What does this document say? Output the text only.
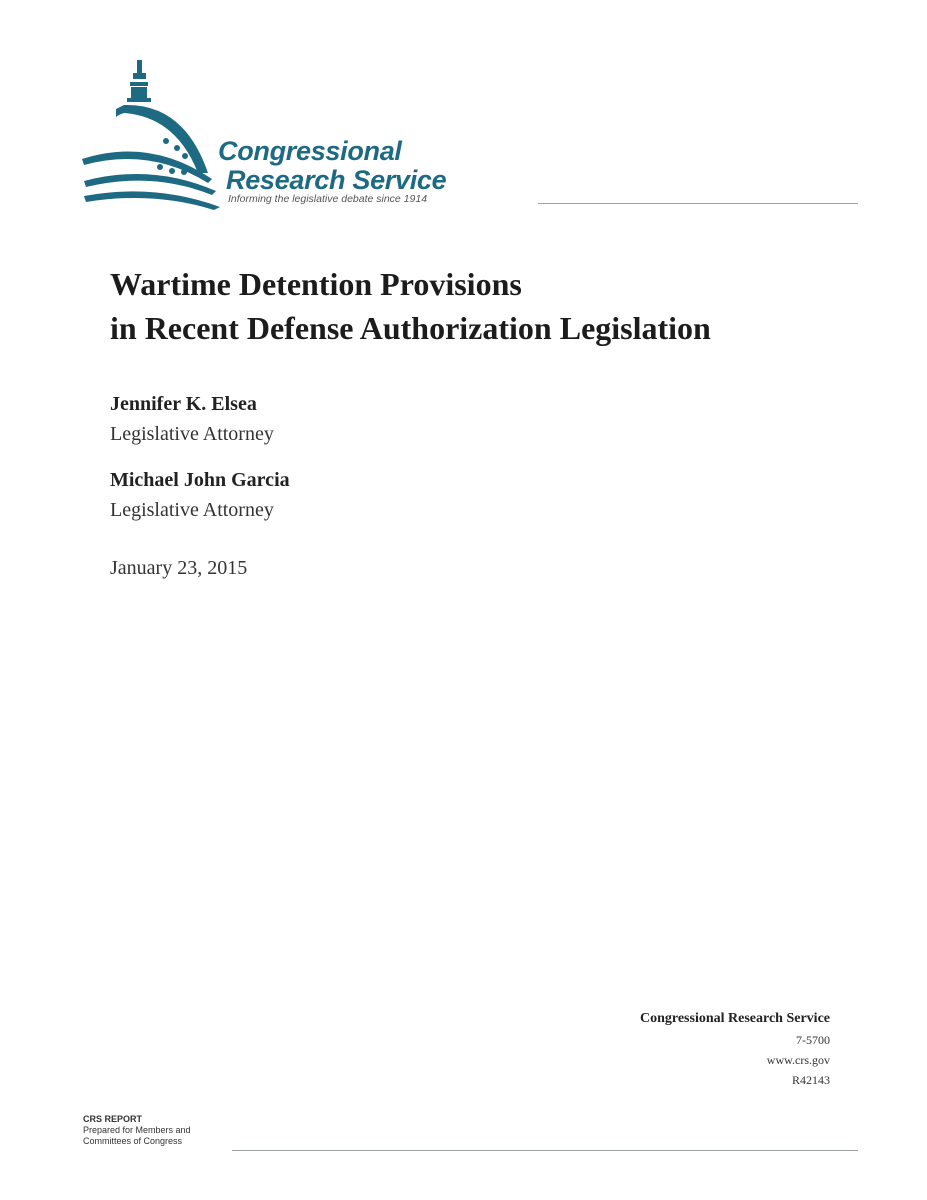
Congressional
Research Service
Informing the legislative debate since 1914
Wartime Detention Provisions
in Recent Defense Authorization Legislation
Jennifer K. Elsea
Legislative Attorney
Michael John Garcia
Legislative Attorney
January 23, 2015
Congressional Research Service
7-5700
www.crs.gov
R42143
CRS REPORT
Prepared for Members and
Committees of Congress
